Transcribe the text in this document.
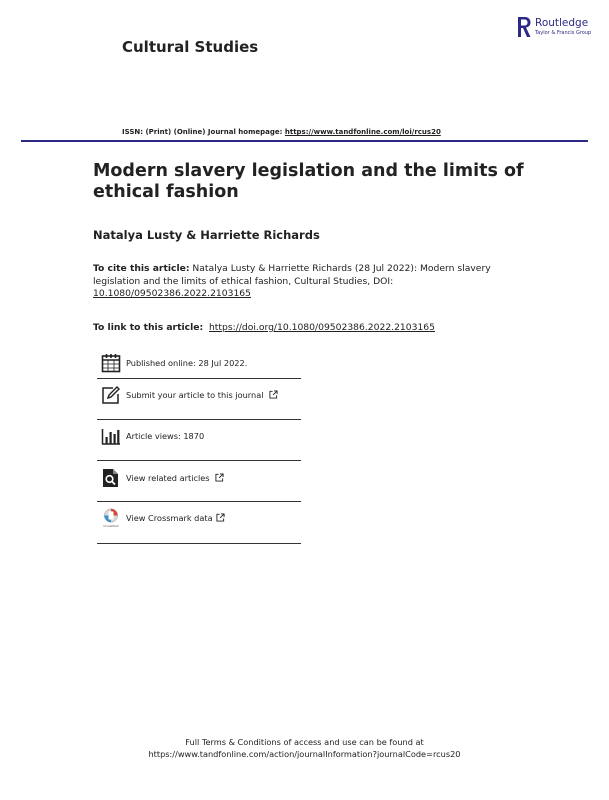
Cultural Studies
Routledge
Taylor & Francis Group
ISSN: (Print) (Online) Journal homepage: https://www.tandfonline.com/loi/rcus20
Modern slavery legislation and the limits of ethical fashion
Natalya Lusty & Harriette Richards
To cite this article: Natalya Lusty & Harriette Richards (28 Jul 2022): Modern slavery legislation and the limits of ethical fashion, Cultural Studies, DOI: 10.1080/09502386.2022.2103165
To link to this article: https://doi.org/10.1080/09502386.2022.2103165
Published online: 28 Jul 2022.
Submit your article to this journal
Article views: 1870
View related articles
CrossMark
View Crossmark data
Full Terms & Conditions of access and use can be found at
https://www.tandfonline.com/action/journalInformation?journalCode=rcus20
